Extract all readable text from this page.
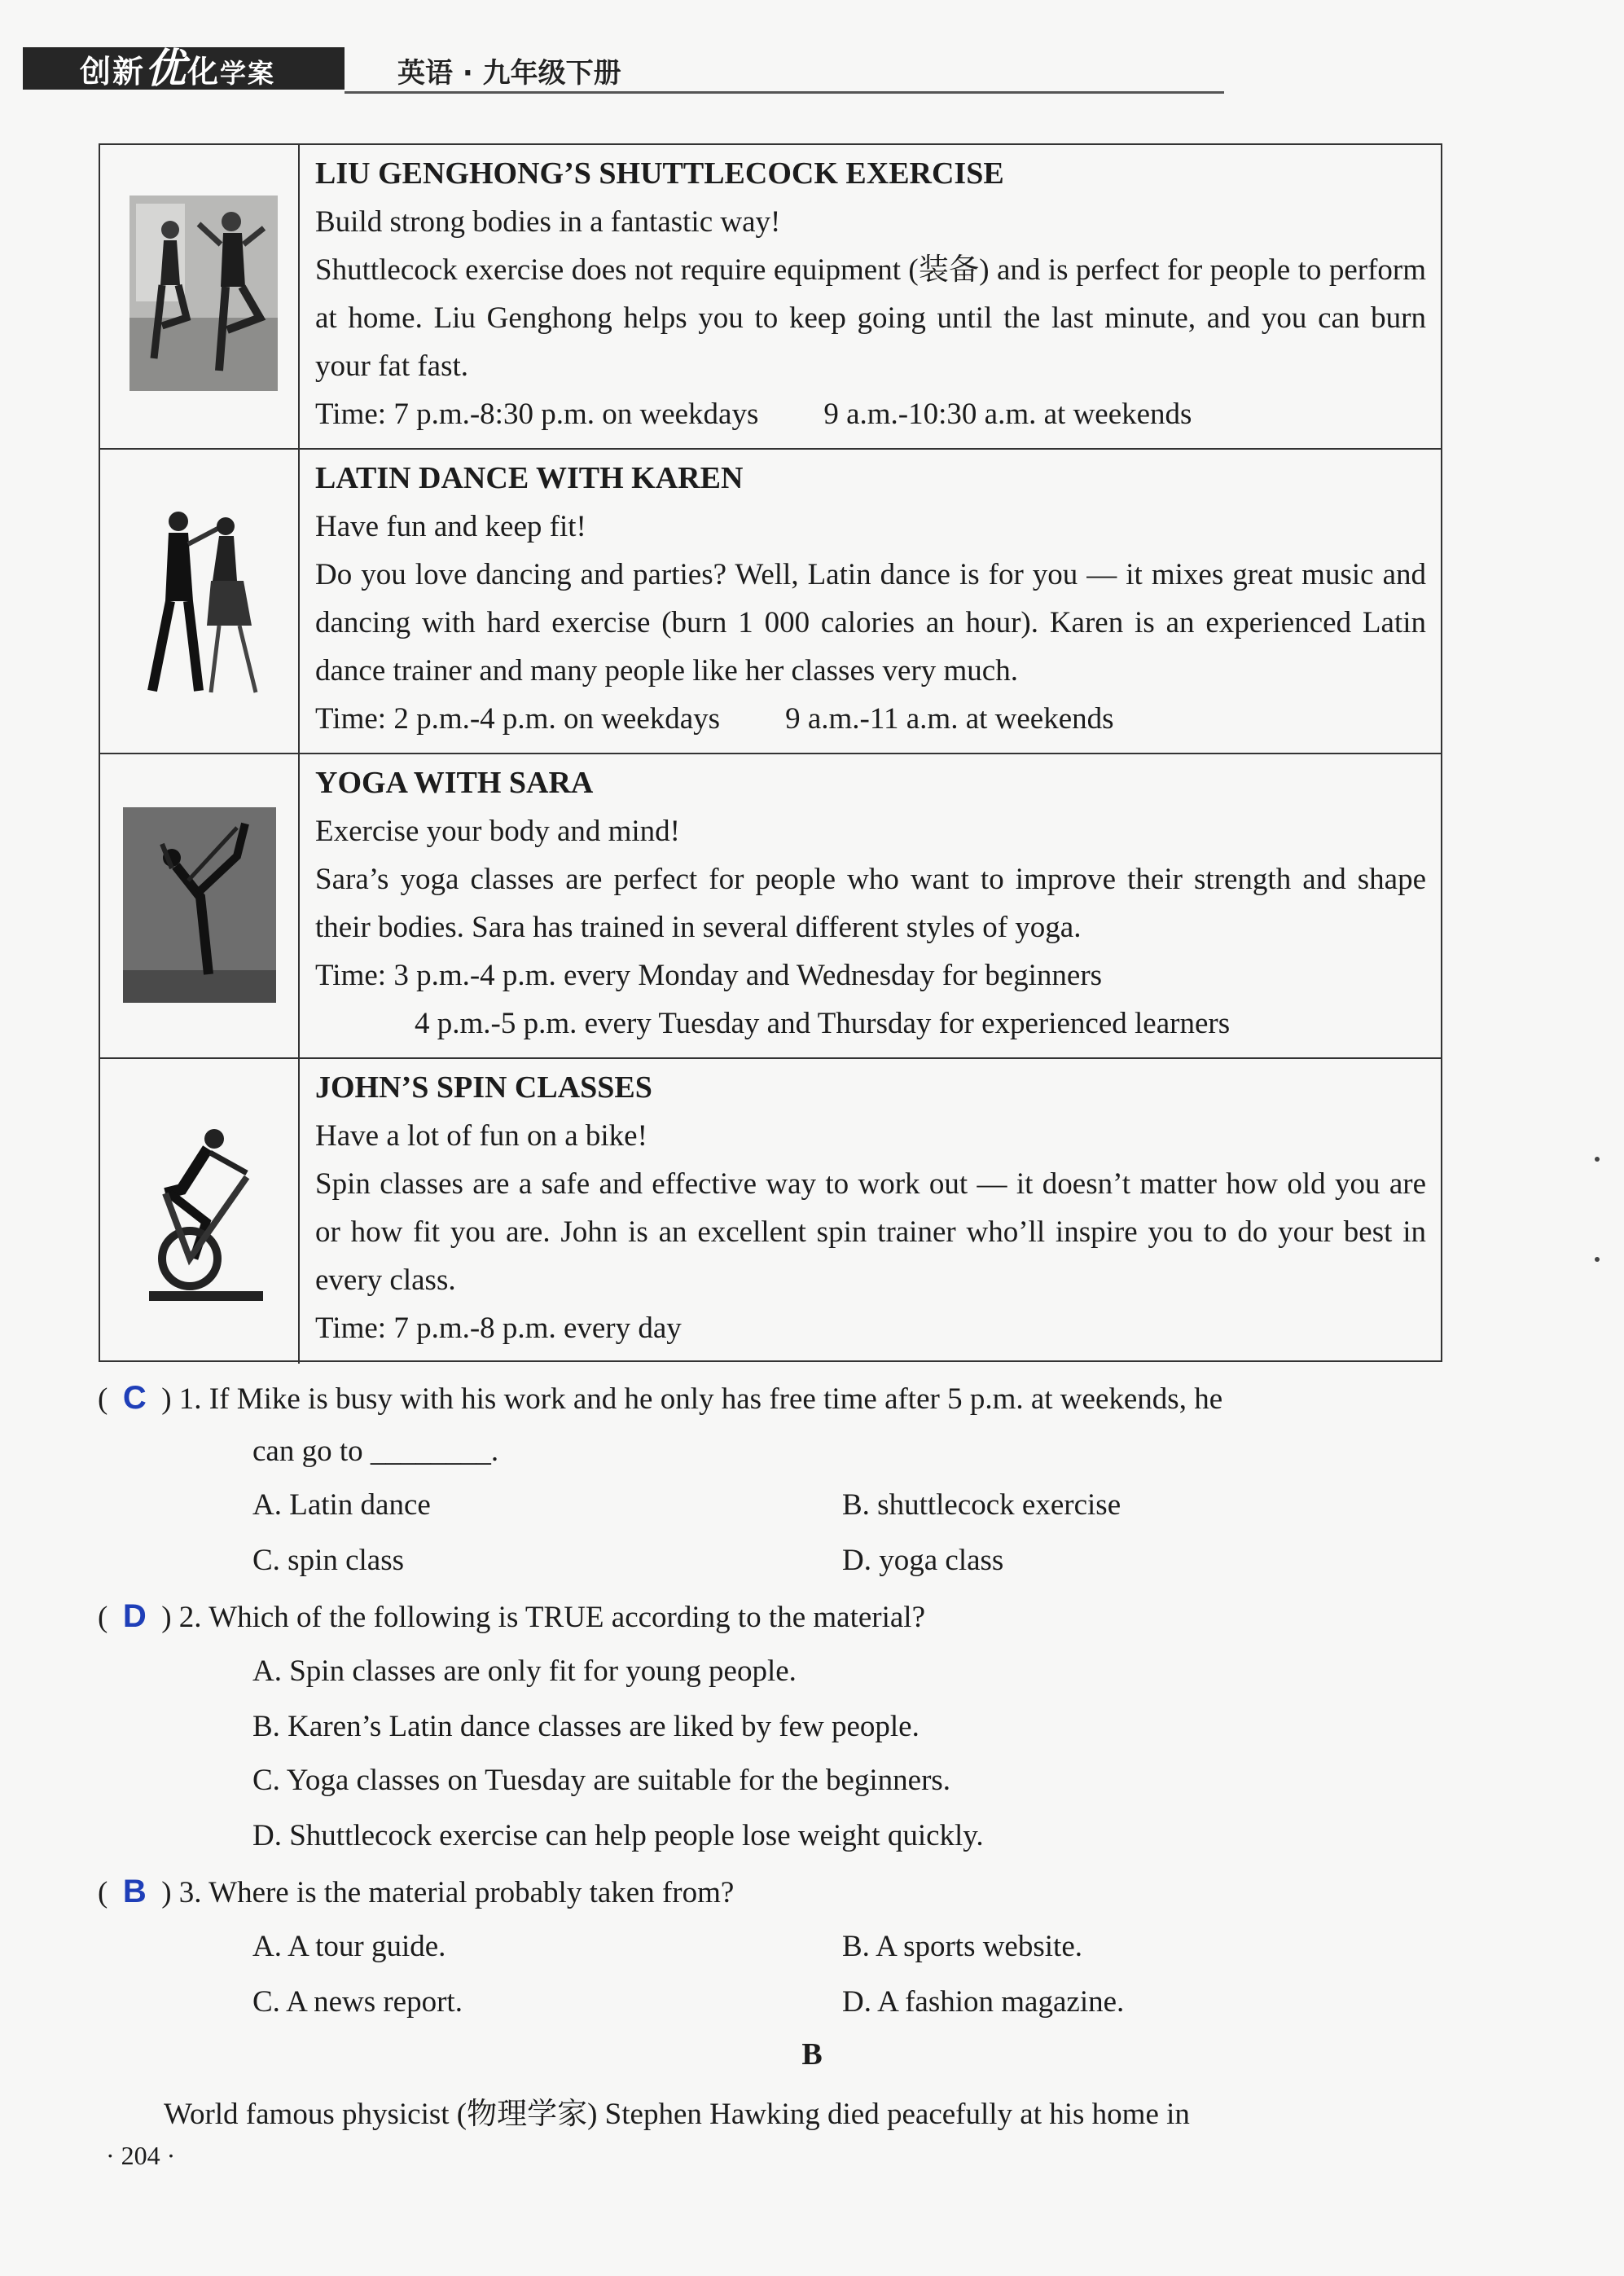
创新优化学案	英语 · 九年级下册

LIU GENGHONG’S SHUTTLECOCK EXERCISE

Build strong bodies in a fantastic way!

Shuttlecock exercise does not require equipment (装备) and is perfect for people to perform at home. Liu Genghong helps you to keep going until the last minute, and you can burn your fat fast.

Time: 7 p.m.-8:30 p.m. on weekdays 9 a.m.-10:30 a.m. at weekends

LATIN DANCE WITH KAREN

Have fun and keep fit!

Do you love dancing and parties? Well, Latin dance is for you — it mixes great music and dancing with hard exercise (burn 1 000 calories an hour). Karen is an experienced Latin dance trainer and many people like her classes very much.

Time: 2 p.m.-4 p.m. on weekdays 9 a.m.-11 a.m. at weekends

YOGA WITH SARA

Exercise your body and mind!

Sara’s yoga classes are perfect for people who want to improve their strength and shape their bodies. Sara has trained in several different styles of yoga.

Time: 3 p.m.-4 p.m. every Monday and Wednesday for beginners

4 p.m.-5 p.m. every Tuesday and Thursday for experienced learners

JOHN’S SPIN CLASSES

Have a lot of fun on a bike!

Spin classes are a safe and effective way to work out — it doesn’t matter how old you are or how fit you are. John is an excellent spin trainer who’ll inspire you to do your best in every class.

Time: 7 p.m.-8 p.m. every day

(  C  ) 1. If Mike is busy with his work and he only has free time after 5 p.m. at weekends, he
can go to ________.
A. Latin dance	B. shuttlecock exercise
C. spin class	D. yoga class
(  D  ) 2. Which of the following is TRUE according to the material?
A. Spin classes are only fit for young people.
B. Karen’s Latin dance classes are liked by few people.
C. Yoga classes on Tuesday are suitable for the beginners.
D. Shuttlecock exercise can help people lose weight quickly.
(  B  ) 3. Where is the material probably taken from?
A. A tour guide.	B. A sports website.
C. A news report.	D. A fashion magazine.
B
World famous physicist (物理学家) Stephen Hawking died peacefully at his home in
· 204 ·
